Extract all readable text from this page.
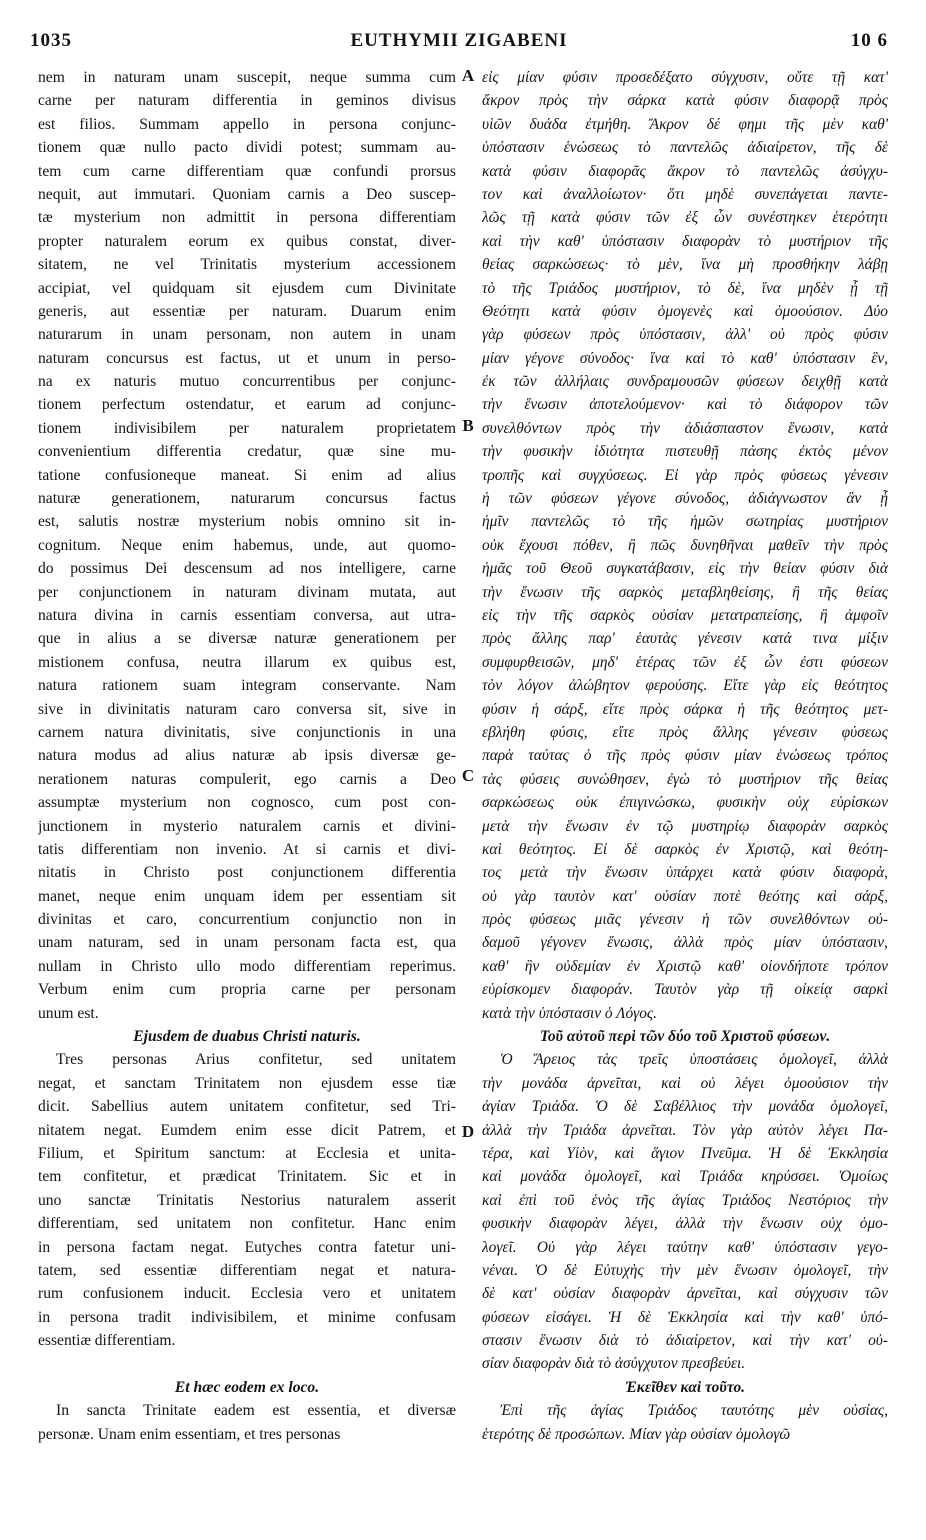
1035	EUTHYMII ZIGABENI	10 6
nem in naturam unam suscepit, neque summa cum
carne per naturam differentia in geminos divisus
est filios. Summam appello in persona conjunc-
tionem quæ nullo pacto dividi potest; summam au-
tem cum carne differentiam quæ confundi prorsus
nequit, aut immutari. Quoniam carnis a Deo suscep-
tæ mysterium non admittit in persona differentiam
propter naturalem eorum ex quibus constat, diver-
sitatem, ne vel Trinitatis mysterium accessionem
accipiat, vel quidquam sit ejusdem cum Divinitate
generis, aut essentiæ per naturam. Duarum enim
naturarum in unam personam, non autem in unam
naturam concursus est factus, ut et unum in perso-
na ex naturis mutuo concurrentibus per conjunc-
tionem perfectum ostendatur, et earum ad conjunc-
tionem indivisibilem per naturalem proprietatem
convenientium differentia credatur, quæ sine mu-
tatione confusioneque maneat. Si enim ad alius
naturæ generationem, naturarum concursus factus
est, salutis nostræ mysterium nobis omnino sit in-
cognitum. Neque enim habemus, unde, aut quomo-
do possimus Dei descensum ad nos intelligere, carne
per conjunctionem in naturam divinam mutata, aut
natura divina in carnis essentiam conversa, aut utra-
que in alius a se diversæ naturæ generationem per
mistionem confusa, neutra illarum ex quibus est,
natura rationem suam integram conservante. Nam
sive in divinitatis naturam caro conversa sit, sive in
carnem natura divinitatis, sive conjunctionis in una
natura modus ad alius naturæ ab ipsis diversæ ge-
nerationem naturas compulerit, ego carnis a Deo
assumptæ mysterium non cognosco, cum post con-
junctionem in mysterio naturalem carnis et divini-
tatis differentiam non invenio. At si carnis et divi-
nitatis in Christo post conjunctionem differentia
manet, neque enim unquam idem per essentiam sit
divinitas et caro, concurrentium conjunctio non in
unam naturam, sed in unam personam facta est, qua
nullam in Christo ullo modo differentiam reperimus.
Verbum enim cum propria carne per personam
unum est.
Ejusdem de duabus Christi naturis.
Tres personas Arius confitetur, sed unitatem
negat, et sanctam Trinitatem non ejusdem esse tiæ
dicit. Sabellius autem unitatem confitetur, sed Tri-
nitatem negat. Eumdem enim esse dicit Patrem, et
Filium, et Spiritum sanctum: at Ecclesia et unita-
tem confitetur, et prædicat Trinitatem. Sic et in
uno sanctæ Trinitatis Nestorius naturalem asserit
differentiam, sed unitatem non confitetur. Hanc enim
in persona factam negat. Eutyches contra fatetur uni-
tatem, sed essentiæ differentiam negat et natura-
rum confusionem inducit. Ecclesia vero et unitatem
in persona tradit indivisibilem, et minime confusam
essentiæ differentiam.
Et hæc eodem ex loco.
In sancta Trinitate eadem est essentia, et diversæ
personæ. Unam enim essentiam, et tres personas
εἰς μίαν φύσιν προσεδέξατο σύγχυσιν, οὔτε τῇ κατ'
ἄκρον πρὸς τὴν σάρκα κατὰ φύσιν διαφορᾷ πρὸς
υἱῶν δυάδα ἐτμήθη. Ἄκρον δέ φημι τῆς μὲν καθ'
ὑπόστασιν ἑνώσεως τὸ παντελῶς ἀδιαίρετον, τῆς δὲ
κατὰ φύσιν διαφορᾶς ἄκρον τὸ παντελῶς ἀσύγχυ-
τον καὶ ἀναλλοίωτον· ὅτι μηδὲ συνεπάγεται παντε-
λῶς τῇ κατὰ φύσιν τῶν ἐξ ὧν συνέστηκεν ἑτερότητι
καὶ τὴν καθ' ὑπόστασιν διαφορὰν τὸ μυστήριον τῆς
θείας σαρκώσεως· τὸ μὲν, ἵνα μὴ προσθήκην λάβῃ
τὸ τῆς Τριάδος μυστήριον, τὸ δὲ, ἵνα μηδὲν ᾖ τῇ
Θεότητι κατὰ φύσιν ὁμογενὲς καὶ ὁμοούσιον. Δύο
γὰρ φύσεων πρὸς ὑπόστασιν, ἀλλ' οὐ πρὸς φύσιν
μίαν γέγονε σύνοδος· ἵνα καὶ τὸ καθ' ὑπόστασιν ἓν,
ἐκ τῶν ἀλλήλαις συνδραμουσῶν φύσεων δειχθῇ κατὰ
τὴν ἕνωσιν ἀποτελούμενον· καὶ τὸ διάφορον τῶν
συνελθόντων πρὸς τὴν ἀδιάσπαστον ἕνωσιν, κατὰ
τὴν φυσικὴν ἰδιότητα πιστευθῇ πάσης ἐκτὸς μένον
τροπῆς καὶ συγχύσεως. Εἰ γὰρ πρὸς φύσεως γένεσιν
ἡ τῶν φύσεων γέγονε σύνοδος, ἀδιάγνωστον ἂν ᾖ
ἡμῖν παντελῶς τὸ τῆς ἡμῶν σωτηρίας μυστήριον
οὐκ ἔχουσι πόθεν, ἢ πῶς δυνηθῆναι μαθεῖν τὴν πρὸς
ἡμᾶς τοῦ Θεοῦ συγκατάβασιν, εἰς τὴν θείαν φύσιν διὰ
τὴν ἕνωσιν τῆς σαρκὸς μεταβληθείσης, ἢ τῆς θείας
εἰς τὴν τῆς σαρκὸς οὐσίαν μετατραπείσης, ἢ ἀμφοῖν
πρὸς ἄλλης παρ' ἑαυτὰς γένεσιν κατά τινα μίξιν
συμφυρθεισῶν, μηδ' ἑτέρας τῶν ἐξ ὧν ἐστι φύσεων
τὸν λόγον ἀλώβητον φερούσης. Εἴτε γὰρ εἰς θεότητος
φύσιν ἡ σάρξ, εἴτε πρὸς σάρκα ἡ τῆς θεότητος μετ-
εβλήθη φύσις, εἴτε πρὸς ἄλλης γένεσιν φύσεως
παρὰ ταύτας ὁ τῆς πρὸς φύσιν μίαν ἑνώσεως τρόπος
τὰς φύσεις συνώθησεν, ἐγὼ τὸ μυστήριον τῆς θείας
σαρκώσεως οὐκ ἐπιγινώσκω, φυσικὴν οὐχ εὑρίσκων
μετὰ τὴν ἕνωσιν ἐν τῷ μυστηρίῳ διαφορὰν σαρκὸς
καὶ θεότητος. Εἰ δὲ σαρκὸς ἐν Χριστῷ, καὶ θεότη-
τος μετὰ τὴν ἕνωσιν ὑπάρχει κατὰ φύσιν διαφορὰ,
οὐ γὰρ ταυτὸν κατ' οὐσίαν ποτὲ θεότης καὶ σάρξ,
πρὸς φύσεως μιᾶς γένεσιν ἡ τῶν συνελθόντων οὐ-
δαμοῦ γέγονεν ἕνωσις, ἀλλὰ πρὸς μίαν ὑπόστασιν,
καθ' ἣν οὐδεμίαν ἐν Χριστῷ καθ' οἱονδήποτε τρόπον
εὑρίσκομεν διαφοράν. Ταυτὸν γὰρ τῇ οἰκείᾳ σαρκὶ
κατὰ τὴν ὑπόστασιν ὁ Λόγος.
Τοῦ αὐτοῦ περὶ τῶν δύο τοῦ Χριστοῦ φύσεων.
Ὁ Ἄρειος τὰς τρεῖς ὑποστάσεις ὁμολογεῖ, ἀλλὰ
τὴν μονάδα ἀρνεῖται, καὶ οὐ λέγει ὁμοούσιον τὴν
ἁγίαν Τριάδα. Ὁ δὲ Σαβέλλιος τὴν μονάδα ὁμολογεῖ,
ἀλλὰ τὴν Τριάδα ἀρνεῖται. Τὸν γὰρ αὐτὸν λέγει Πα-
τέρα, καὶ Υἱὸν, καὶ ἅγιον Πνεῦμα. Ἡ δὲ Ἐκκλησία
καὶ μονάδα ὁμολογεῖ, καὶ Τριάδα κηρύσσει. Ὁμοίως
καὶ ἐπὶ τοῦ ἑνὸς τῆς ἁγίας Τριάδος Νεστόριος τὴν
φυσικὴν διαφορὰν λέγει, ἀλλὰ τὴν ἕνωσιν οὐχ ὁμο-
λογεῖ. Οὐ γὰρ λέγει ταύτην καθ' ὑπόστασιν γεγο-
νέναι. Ὁ δὲ Εὐτυχὴς τὴν μὲν ἕνωσιν ὁμολογεῖ, τὴν
δὲ κατ' οὐσίαν διαφορὰν ἀρνεῖται, καὶ σύγχυσιν τῶν
φύσεων εἰσάγει. Ἡ δὲ Ἐκκλησία καὶ τὴν καθ' ὑπό-
στασιν ἕνωσιν διὰ τὸ ἀδιαίρετον, καὶ τὴν κατ' οὐ-
σίαν διαφορὰν διὰ τὸ ἀσύγχυτον πρεσβεύει.
Ἐκεῖθεν καὶ τοῦτο.
Ἐπὶ τῆς ἁγίας Τριάδος ταυτότης μὲν οὐσίας,
ἑτερότης δὲ προσώπων. Μίαν γὰρ οὐσίαν ὁμολογῶ
A
B
C
D
